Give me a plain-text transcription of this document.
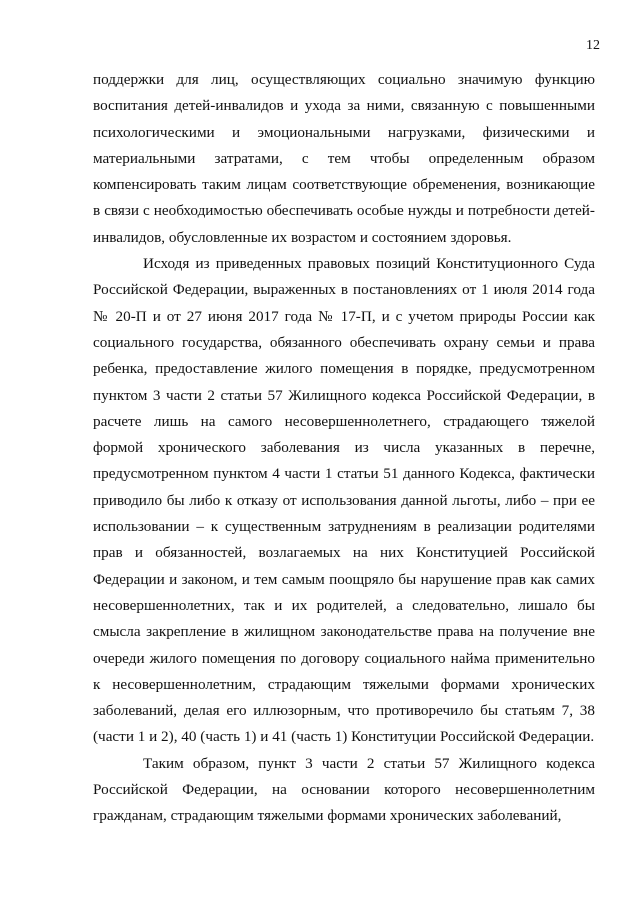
12

поддержки для лиц, осуществляющих социально значимую функцию воспитания детей-инвалидов и ухода за ними, связанную с повышенными психологическими и эмоциональными нагрузками, физическими и материальными затратами, с тем чтобы определенным образом компенсировать таким лицам соответствующие обременения, возникающие в связи с необходимостью обеспечивать особые нужды и потребности детей-инвалидов, обусловленные их возрастом и состоянием здоровья.

Исходя из приведенных правовых позиций Конституционного Суда Российской Федерации, выраженных в постановлениях от 1 июля 2014 года № 20-П и от 27 июня 2017 года № 17-П, и с учетом природы России как социального государства, обязанного обеспечивать охрану семьи и права ребенка, предоставление жилого помещения в порядке, предусмотренном пунктом 3 части 2 статьи 57 Жилищного кодекса Российской Федерации, в расчете лишь на самого несовершеннолетнего, страдающего тяжелой формой хронического заболевания из числа указанных в перечне, предусмотренном пунктом 4 части 1 статьи 51 данного Кодекса, фактически приводило бы либо к отказу от использования данной льготы, либо – при ее использовании – к существенным затруднениям в реализации родителями прав и обязанностей, возлагаемых на них Конституцией Российской Федерации и законом, и тем самым поощряло бы нарушение прав как самих несовершеннолетних, так и их родителей, а следовательно, лишало бы смысла закрепление в жилищном законодательстве права на получение вне очереди жилого помещения по договору социального найма применительно к несовершеннолетним, страдающим тяжелыми формами хронических заболеваний, делая его иллюзорным, что противоречило бы статьям 7, 38 (части 1 и 2), 40 (часть 1) и 41 (часть 1) Конституции Российской Федерации.

Таким образом, пункт 3 части 2 статьи 57 Жилищного кодекса Российской Федерации, на основании которого несовершеннолетним гражданам, страдающим тяжелыми формами хронических заболеваний,
